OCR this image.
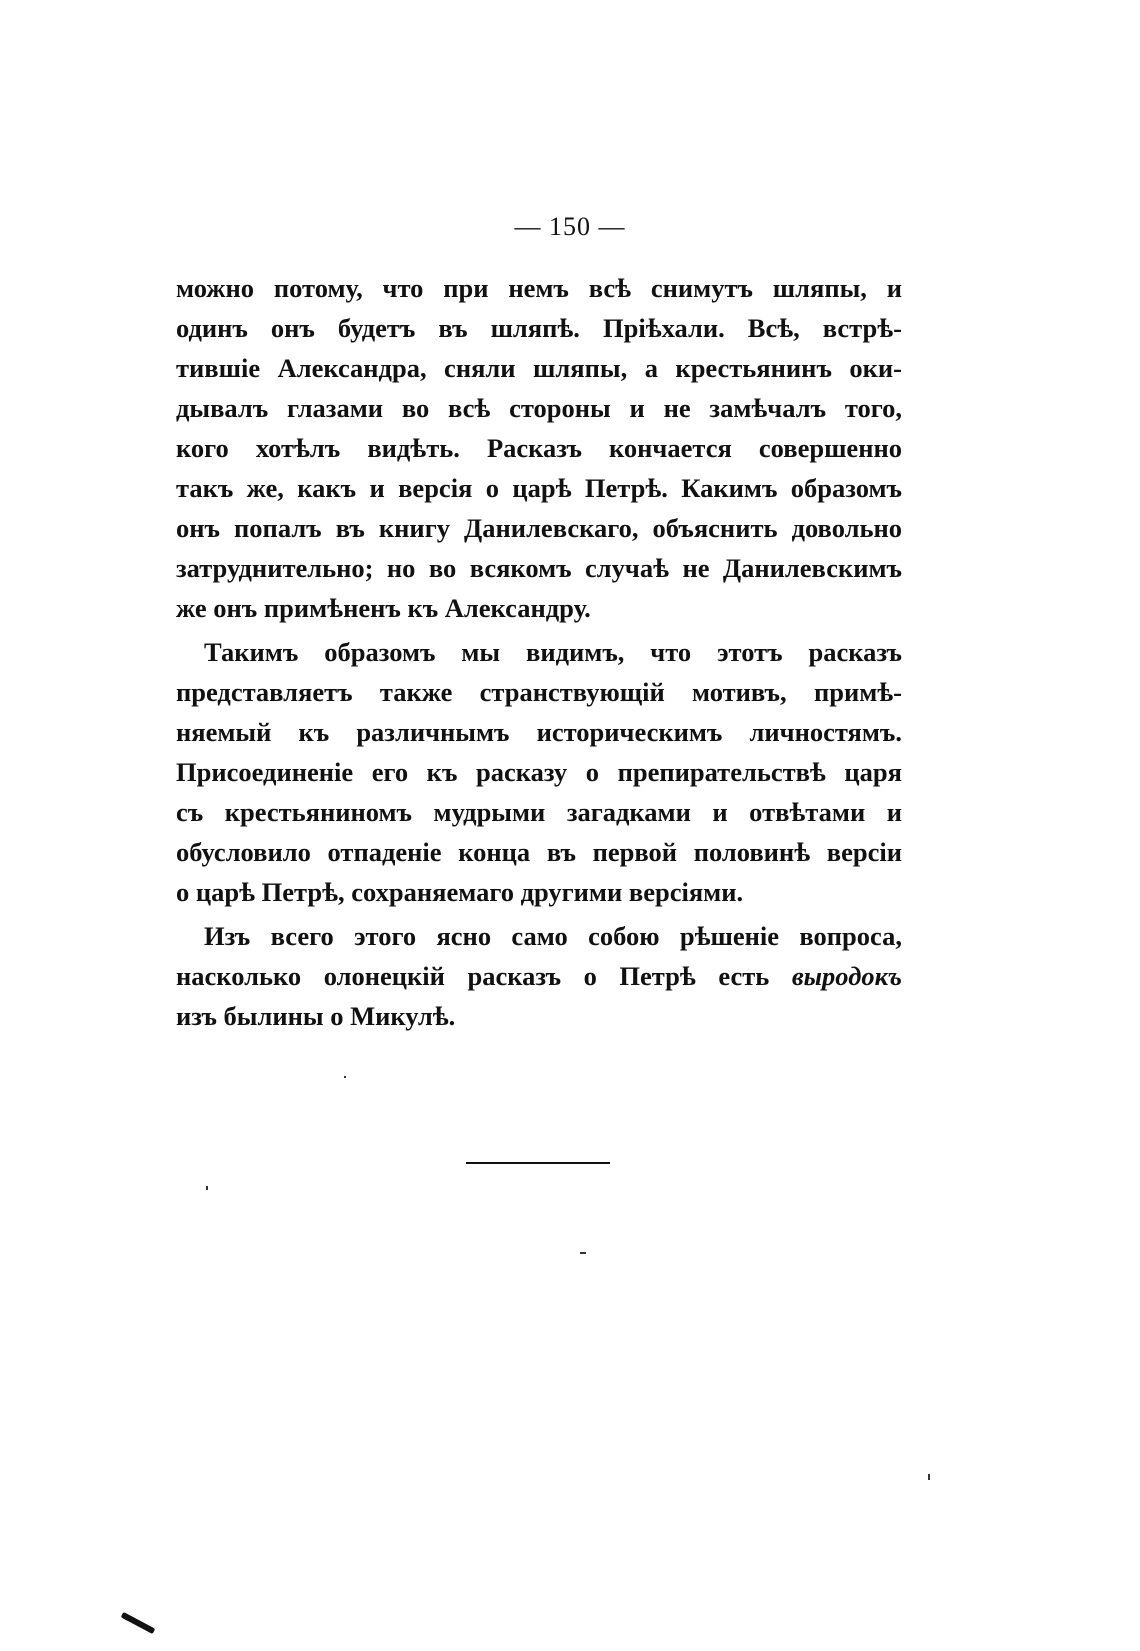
— 150 —
можно потому, что при немъ всѣ снимутъ шляпы, и
одинъ онъ будетъ въ шляпѣ. Пріѣхали. Всѣ, встрѣ-
тившіе Александра, сняли шляпы, а крестьянинъ оки-
дывалъ глазами во всѣ стороны и не замѣчалъ того,
кого хотѣлъ видѣть. Расказъ кончается совершенно
такъ же, какъ и версія о царѣ Петрѣ. Какимъ образомъ
онъ попалъ въ книгу Данилевскаго, объяснить довольно
затруднительно; но во всякомъ случаѣ не Данилевскимъ
же онъ примѣненъ къ Александру.
Такимъ образомъ мы видимъ, что этотъ расказъ
представляетъ также странствующій мотивъ, примѣ-
няемый къ различнымъ историческимъ личностямъ.
Присоединеніе его къ расказу о препирательствѣ царя
съ крестьяниномъ мудрыми загадками и отвѣтами и
обусловило отпаденіе конца въ первой половинѣ версіи
о царѣ Петрѣ, сохраняемаго другими версіями.
Изъ всего этого ясно само собою рѣшеніе вопроса,
насколько олонецкій расказъ о Петрѣ есть выродокъ
изъ былины о Микулѣ.
